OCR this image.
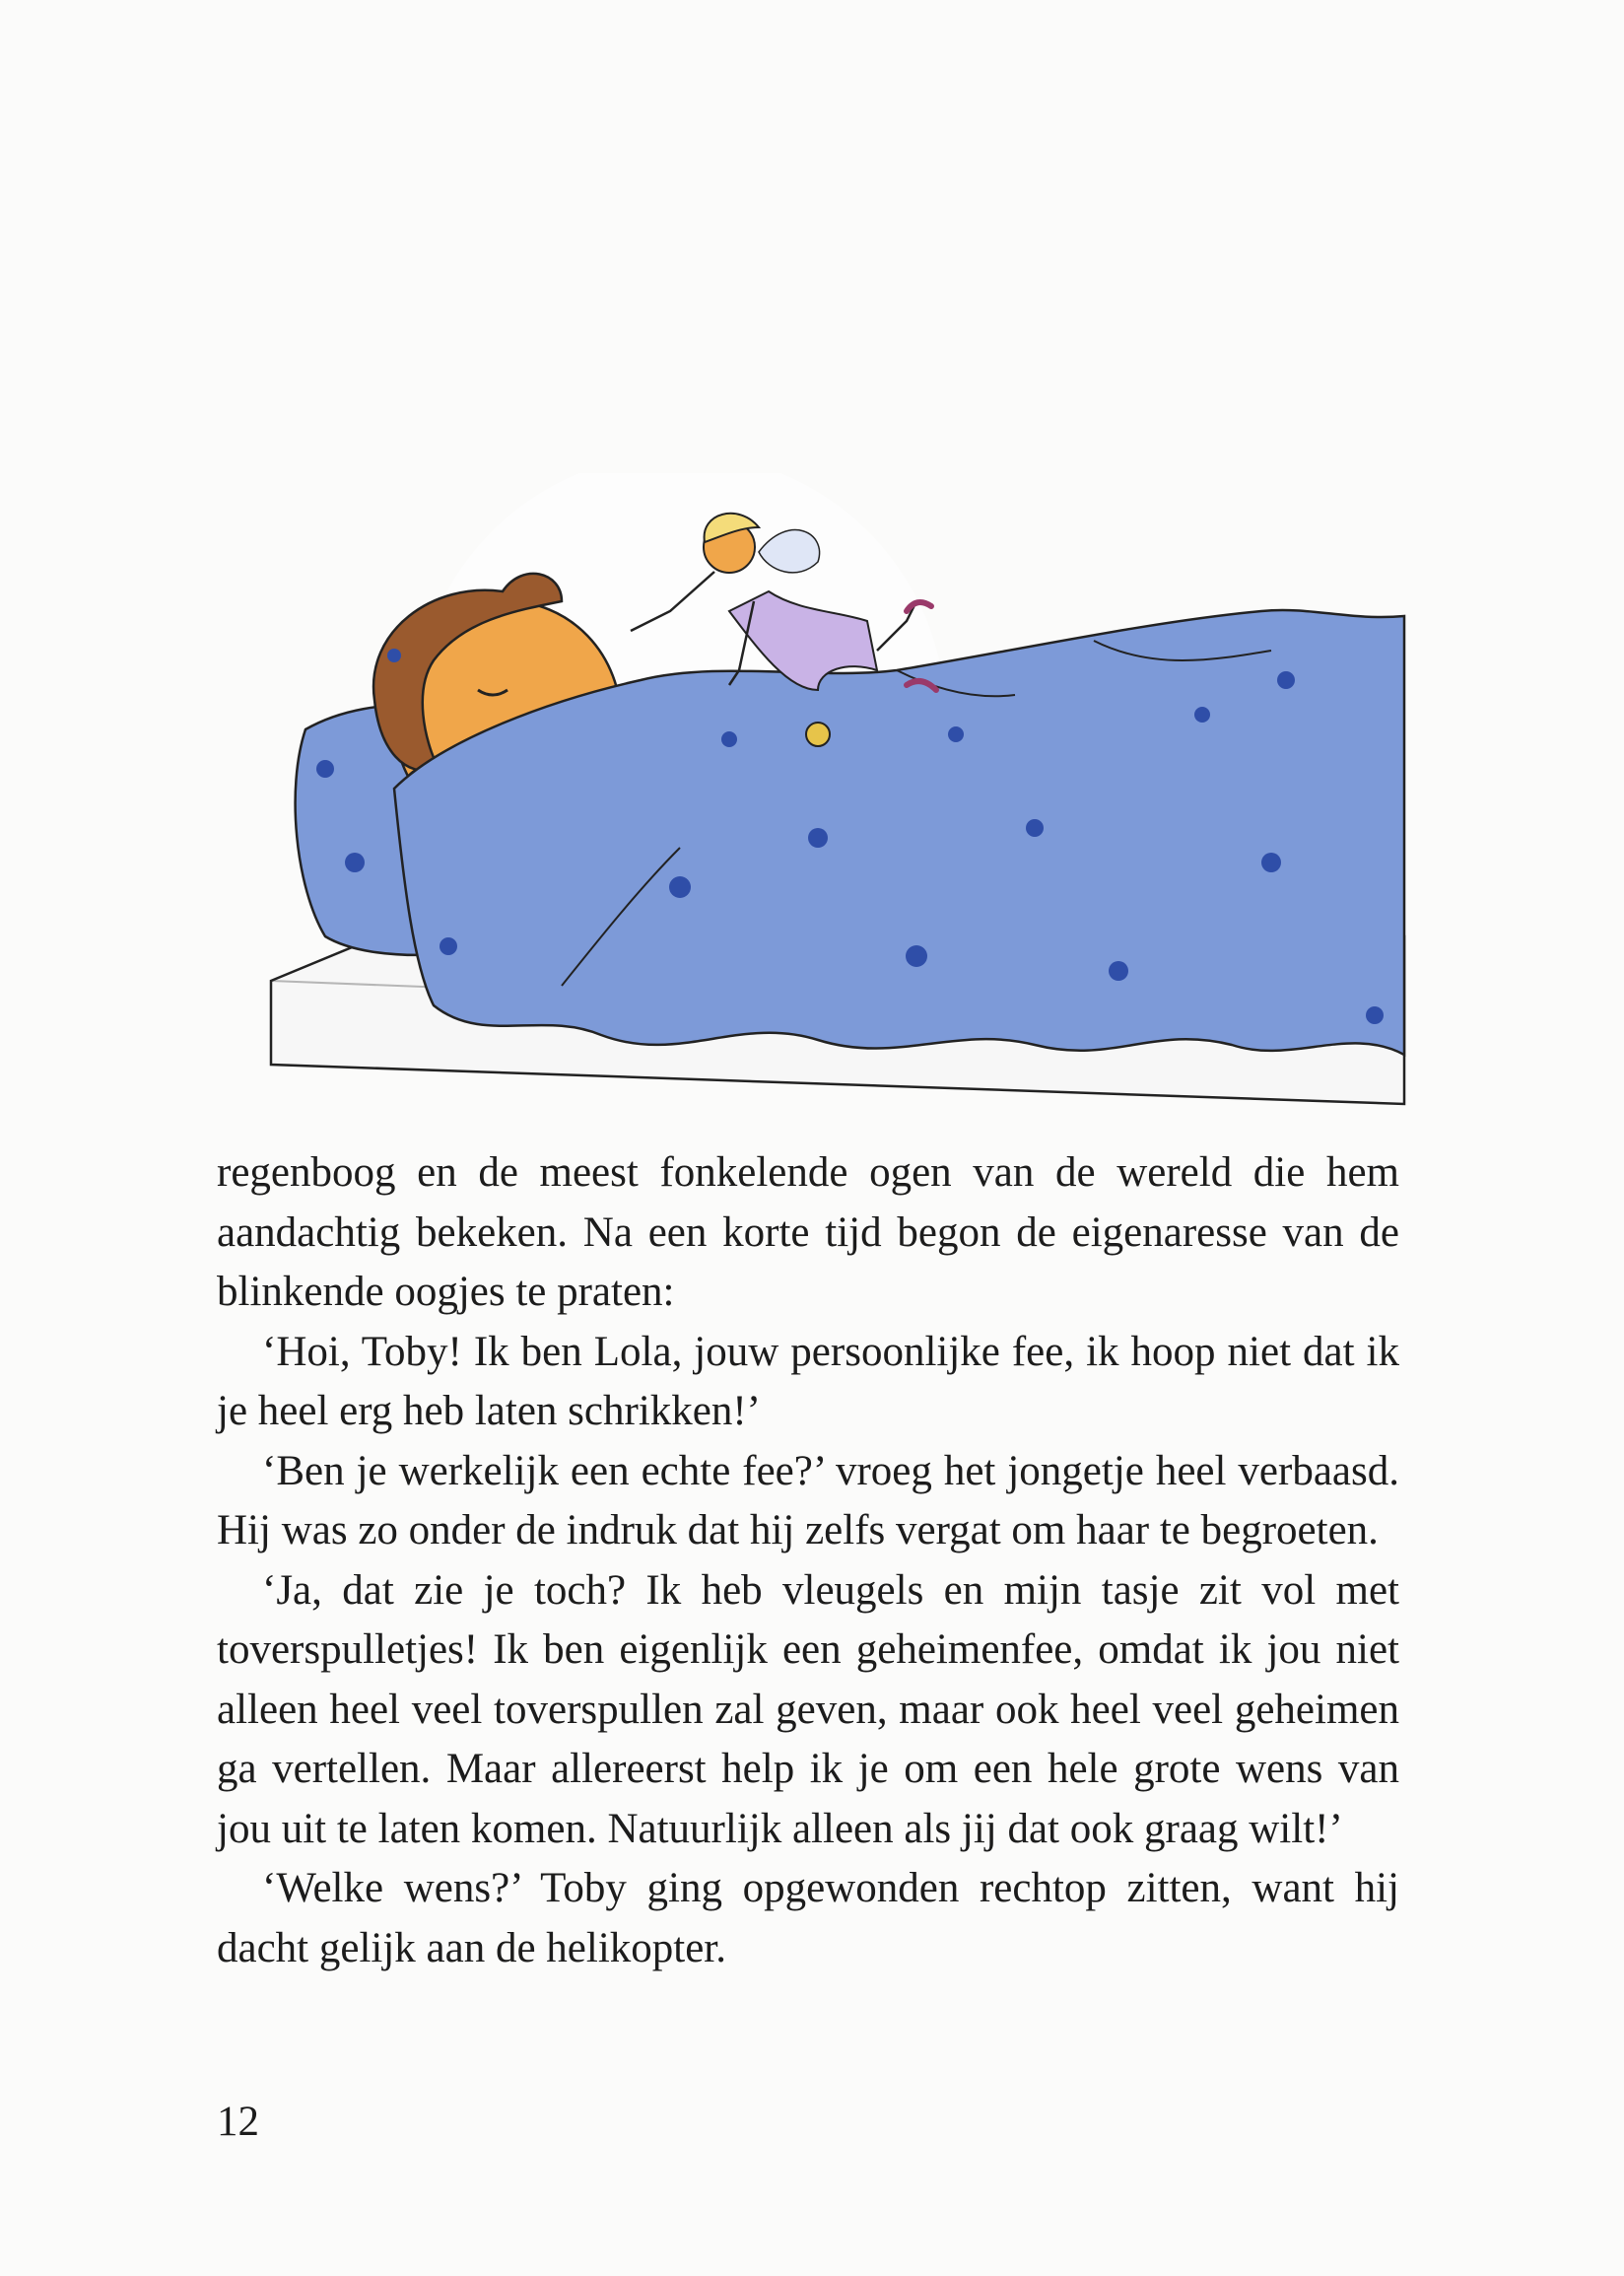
regenboog en de meest fonkelende ogen van de wereld die hem aandachtig bekeken. Na een korte tijd begon de eigenaresse van de blinkende oogjes te praten:

‘Hoi, Toby! Ik ben Lola, jouw persoonlijke fee, ik hoop niet dat ik je heel erg heb laten schrikken!’

‘Ben je werkelijk een echte fee?’ vroeg het jongetje heel verbaasd. Hij was zo onder de indruk dat hij zelfs vergat om haar te begroeten.

‘Ja, dat zie je toch? Ik heb vleugels en mijn tasje zit vol met toverspulletjes! Ik ben eigenlijk een geheimenfee, omdat ik jou niet alleen heel veel toverspullen zal geven, maar ook heel veel geheimen ga vertellen. Maar allereerst help ik je om een hele grote wens van jou uit te laten komen. Natuurlijk alleen als jij dat ook graag wilt!’

‘Welke wens?’ Toby ging opgewonden rechtop zitten, want hij dacht gelijk aan de helikopter.

12
